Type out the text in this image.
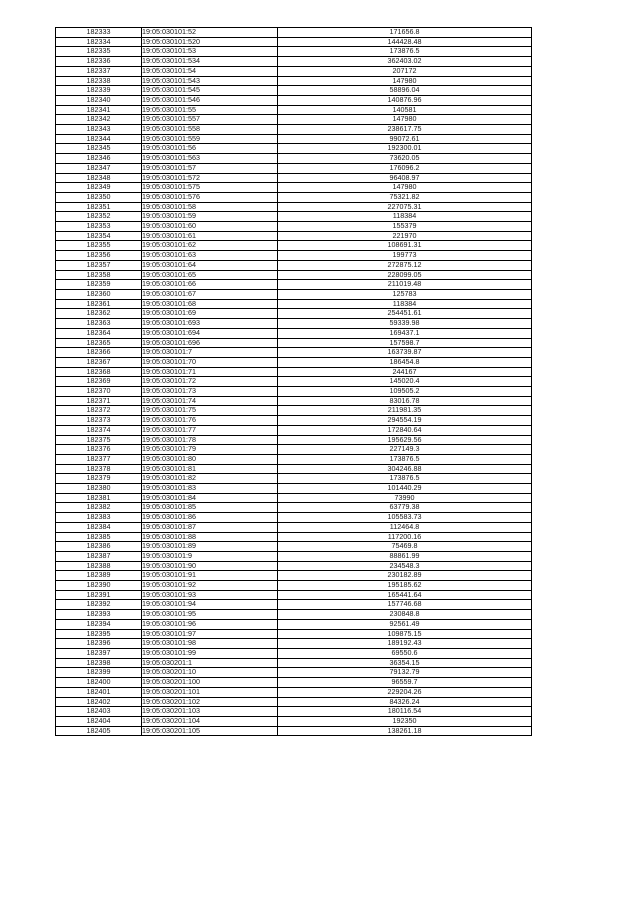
182333	19:05:030101:52	171656.8
182334	19:05:030101:520	144428.48
182335	19:05:030101:53	173876.5
182336	19:05:030101:534	362403.02
182337	19:05:030101:54	207172
182338	19:05:030101:543	147980
182339	19:05:030101:545	58896.04
182340	19:05:030101:546	140876.96
182341	19:05:030101:55	140581
182342	19:05:030101:557	147980
182343	19:05:030101:558	238617.75
182344	19:05:030101:559	99072.61
182345	19:05:030101:56	192300.01
182346	19:05:030101:563	73620.05
182347	19:05:030101:57	176096.2
182348	19:05:030101:572	96408.97
182349	19:05:030101:575	147980
182350	19:05:030101:576	75321.82
182351	19:05:030101:58	227075.31
182352	19:05:030101:59	118384
182353	19:05:030101:60	155379
182354	19:05:030101:61	221970
182355	19:05:030101:62	108691.31
182356	19:05:030101:63	199773
182357	19:05:030101:64	272875.12
182358	19:05:030101:65	228099.05
182359	19:05:030101:66	211019.48
182360	19:05:030101:67	125783
182361	19:05:030101:68	118384
182362	19:05:030101:69	254451.61
182363	19:05:030101:693	59339.98
182364	19:05:030101:694	169437.1
182365	19:05:030101:696	157598.7
182366	19:05:030101:7	163739.87
182367	19:05:030101:70	186454.8
182368	19:05:030101:71	244167
182369	19:05:030101:72	145020.4
182370	19:05:030101:73	109505.2
182371	19:05:030101:74	83016.78
182372	19:05:030101:75	211981.35
182373	19:05:030101:76	294554.19
182374	19:05:030101:77	172840.64
182375	19:05:030101:78	195629.56
182376	19:05:030101:79	227149.3
182377	19:05:030101:80	173876.5
182378	19:05:030101:81	304246.88
182379	19:05:030101:82	173876.5
182380	19:05:030101:83	101440.29
182381	19:05:030101:84	73990
182382	19:05:030101:85	63779.38
182383	19:05:030101:86	105583.73
182384	19:05:030101:87	112464.8
182385	19:05:030101:88	117200.16
182386	19:05:030101:89	75469.8
182387	19:05:030101:9	88861.99
182388	19:05:030101:90	234548.3
182389	19:05:030101:91	230182.89
182390	19:05:030101:92	195185.62
182391	19:05:030101:93	165441.64
182392	19:05:030101:94	157746.68
182393	19:05:030101:95	230848.8
182394	19:05:030101:96	92561.49
182395	19:05:030101:97	109875.15
182396	19:05:030101:98	189192.43
182397	19:05:030101:99	69550.6
182398	19:05:030201:1	36354.15
182399	19:05:030201:10	79132.79
182400	19:05:030201:100	96559.7
182401	19:05:030201:101	229204.26
182402	19:05:030201:102	84326.24
182403	19:05:030201:103	180116.54
182404	19:05:030201:104	192350
182405	19:05:030201:105	138261.18
